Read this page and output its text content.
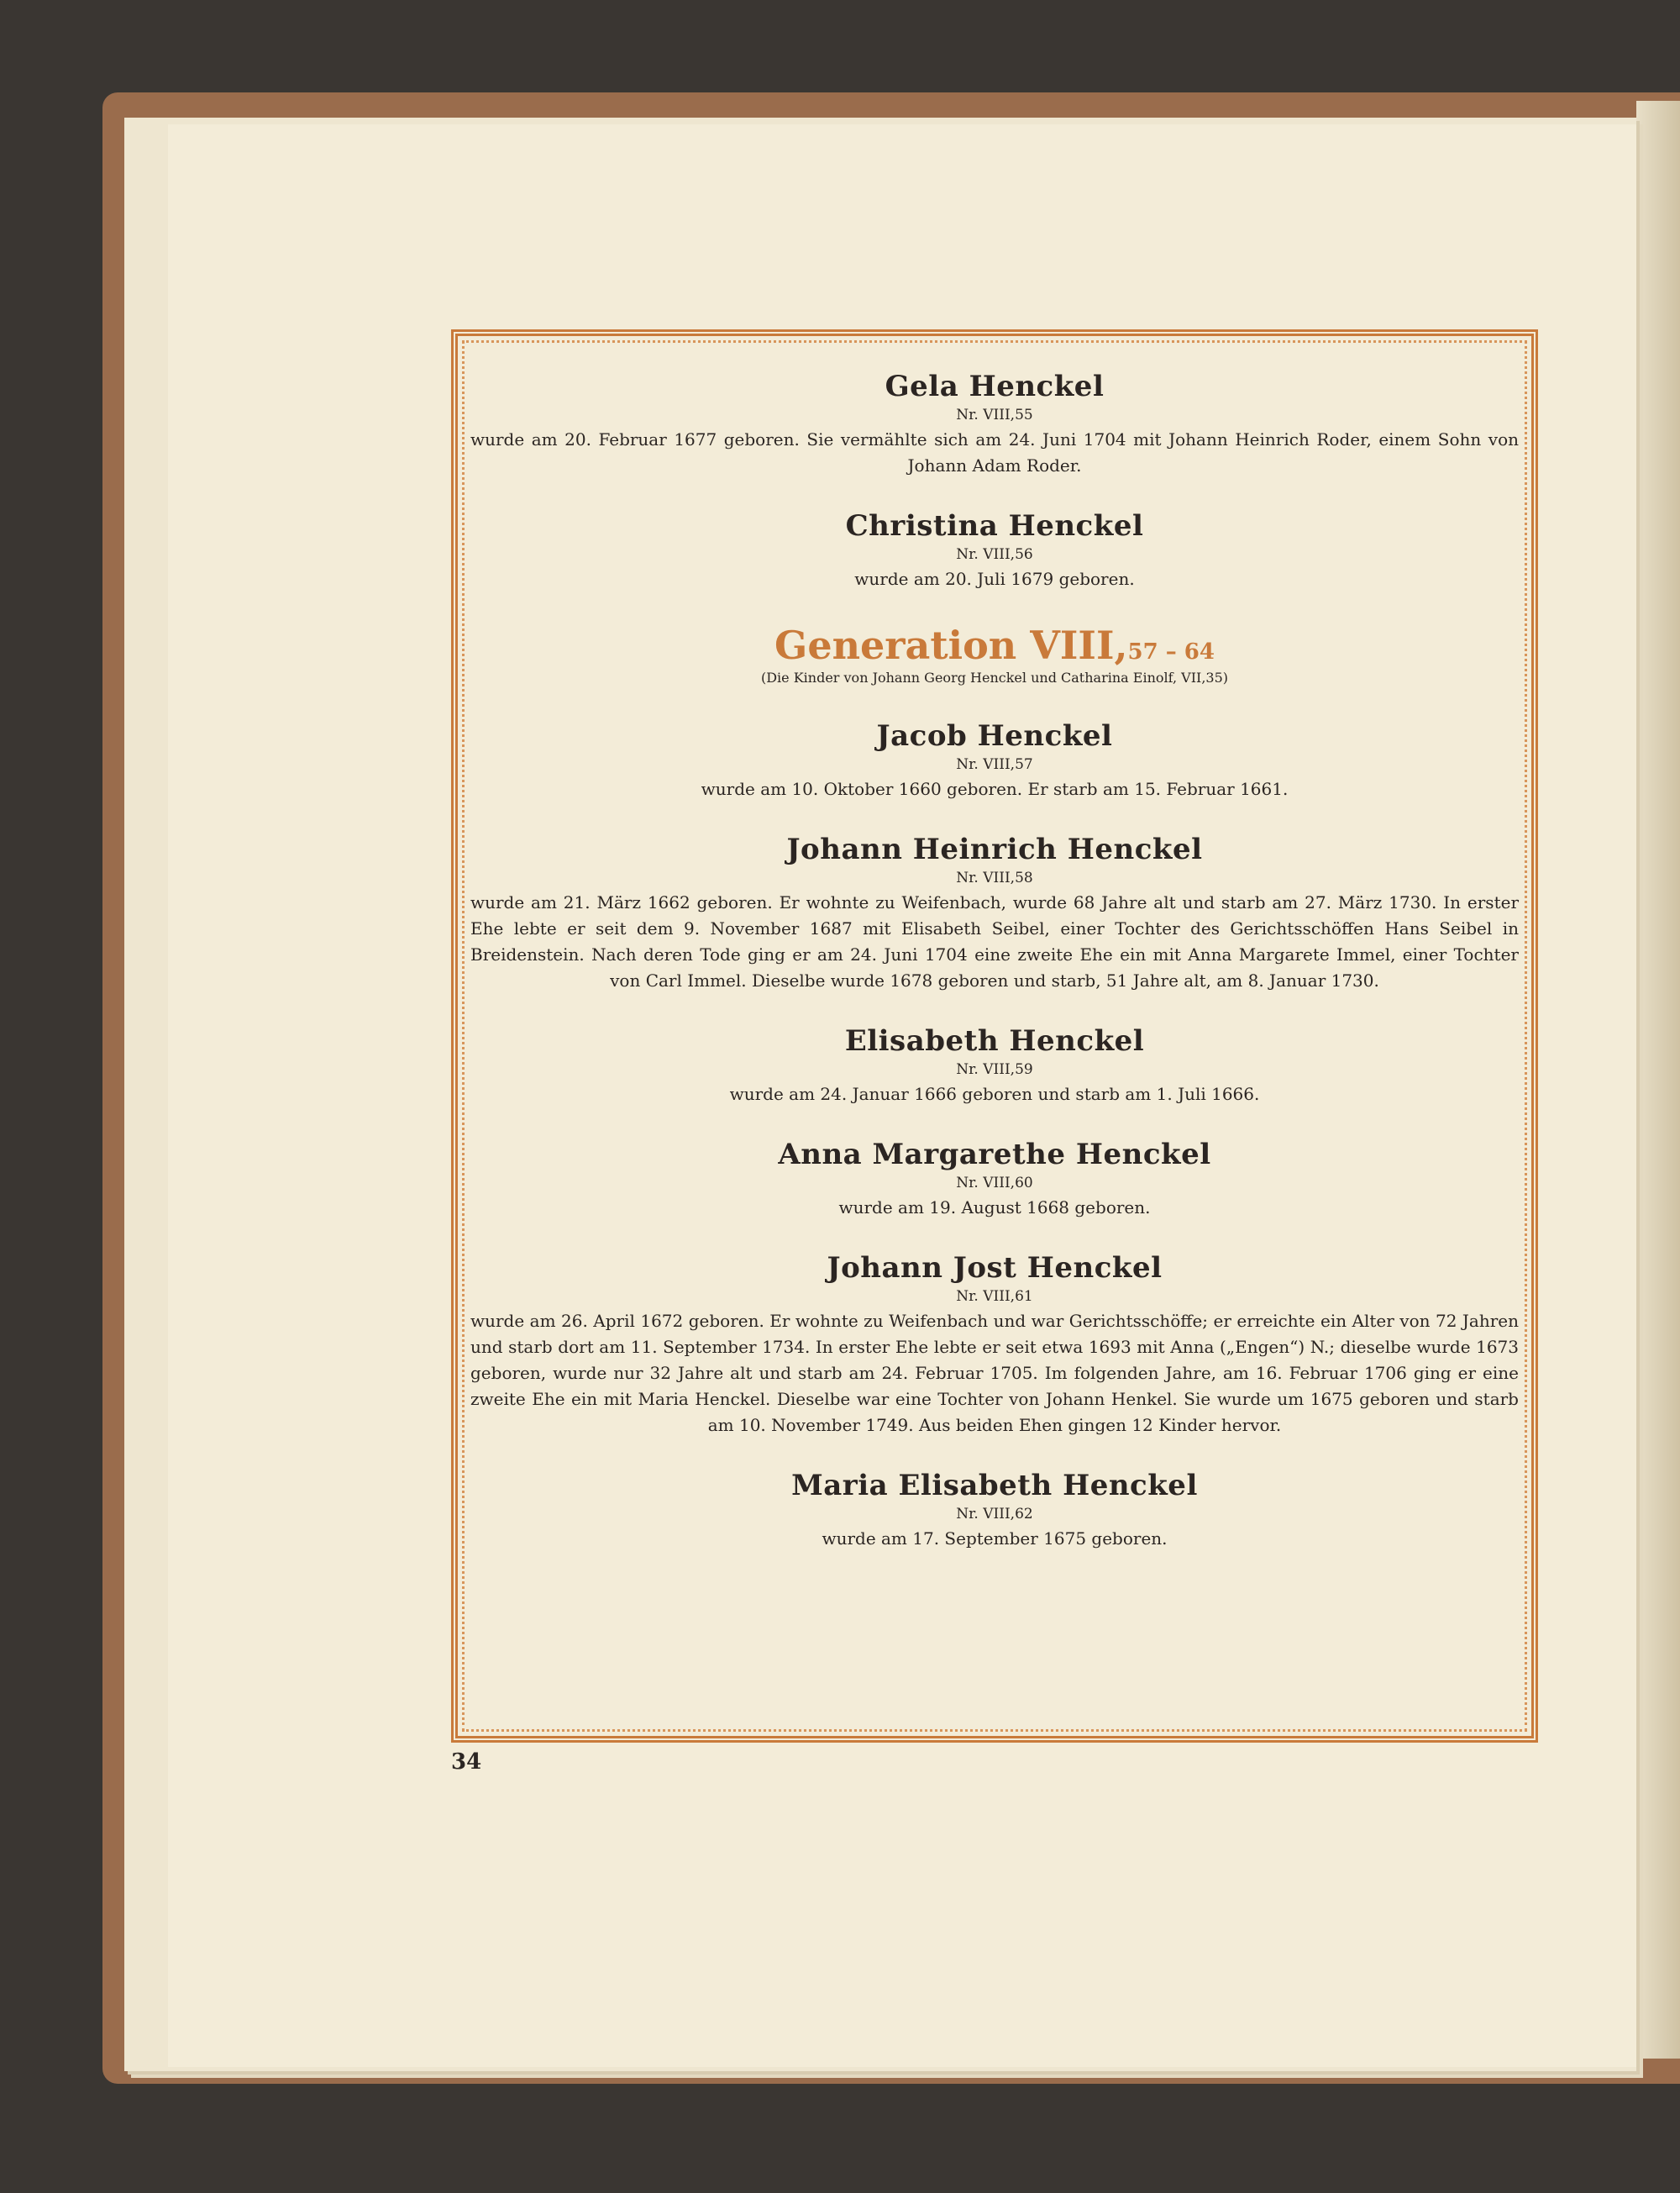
Gela Henckel

Nr. VIII,55

wurde am 20. Februar 1677 geboren. Sie vermählte sich am 24. Juni 1704 mit Johann Heinrich Roder, einem Sohn von Johann Adam Roder.

Christina Henckel

Nr. VIII,56

wurde am 20. Juli 1679 geboren.

Generation VIII,57 – 64

(Die Kinder von Johann Georg Henckel und Catharina Einolf, VII,35)

Jacob Henckel

Nr. VIII,57

wurde am 10. Oktober 1660 geboren. Er starb am 15. Februar 1661.

Johann Heinrich Henckel

Nr. VIII,58

wurde am 21. März 1662 geboren. Er wohnte zu Weifenbach, wurde 68 Jahre alt und starb am 27. März 1730. In erster Ehe lebte er seit dem 9. November 1687 mit Elisabeth Seibel, einer Tochter des Gerichtsschöffen Hans Seibel in Breidenstein. Nach deren Tode ging er am 24. Juni 1704 eine zweite Ehe ein mit Anna Margarete Immel, einer Tochter von Carl Immel. Dieselbe wurde 1678 geboren und starb, 51 Jahre alt, am 8. Januar 1730.

Elisabeth Henckel

Nr. VIII,59

wurde am 24. Januar 1666 geboren und starb am 1. Juli 1666.

Anna Margarethe Henckel

Nr. VIII,60

wurde am 19. August 1668 geboren.

Johann Jost Henckel

Nr. VIII,61

wurde am 26. April 1672 geboren. Er wohnte zu Weifenbach und war Gerichtsschöffe; er erreichte ein Alter von 72 Jahren und starb dort am 11. September 1734. In erster Ehe lebte er seit etwa 1693 mit Anna („Engen“) N.; dieselbe wurde 1673 geboren, wurde nur 32 Jahre alt und starb am 24. Februar 1705. Im folgenden Jahre, am 16. Februar 1706 ging er eine zweite Ehe ein mit Maria Henckel. Dieselbe war eine Tochter von Johann Henkel. Sie wurde um 1675 geboren und starb am 10. November 1749. Aus beiden Ehen gingen 12 Kinder hervor.

Maria Elisabeth Henckel

Nr. VIII,62

wurde am 17. September 1675 geboren.

34
